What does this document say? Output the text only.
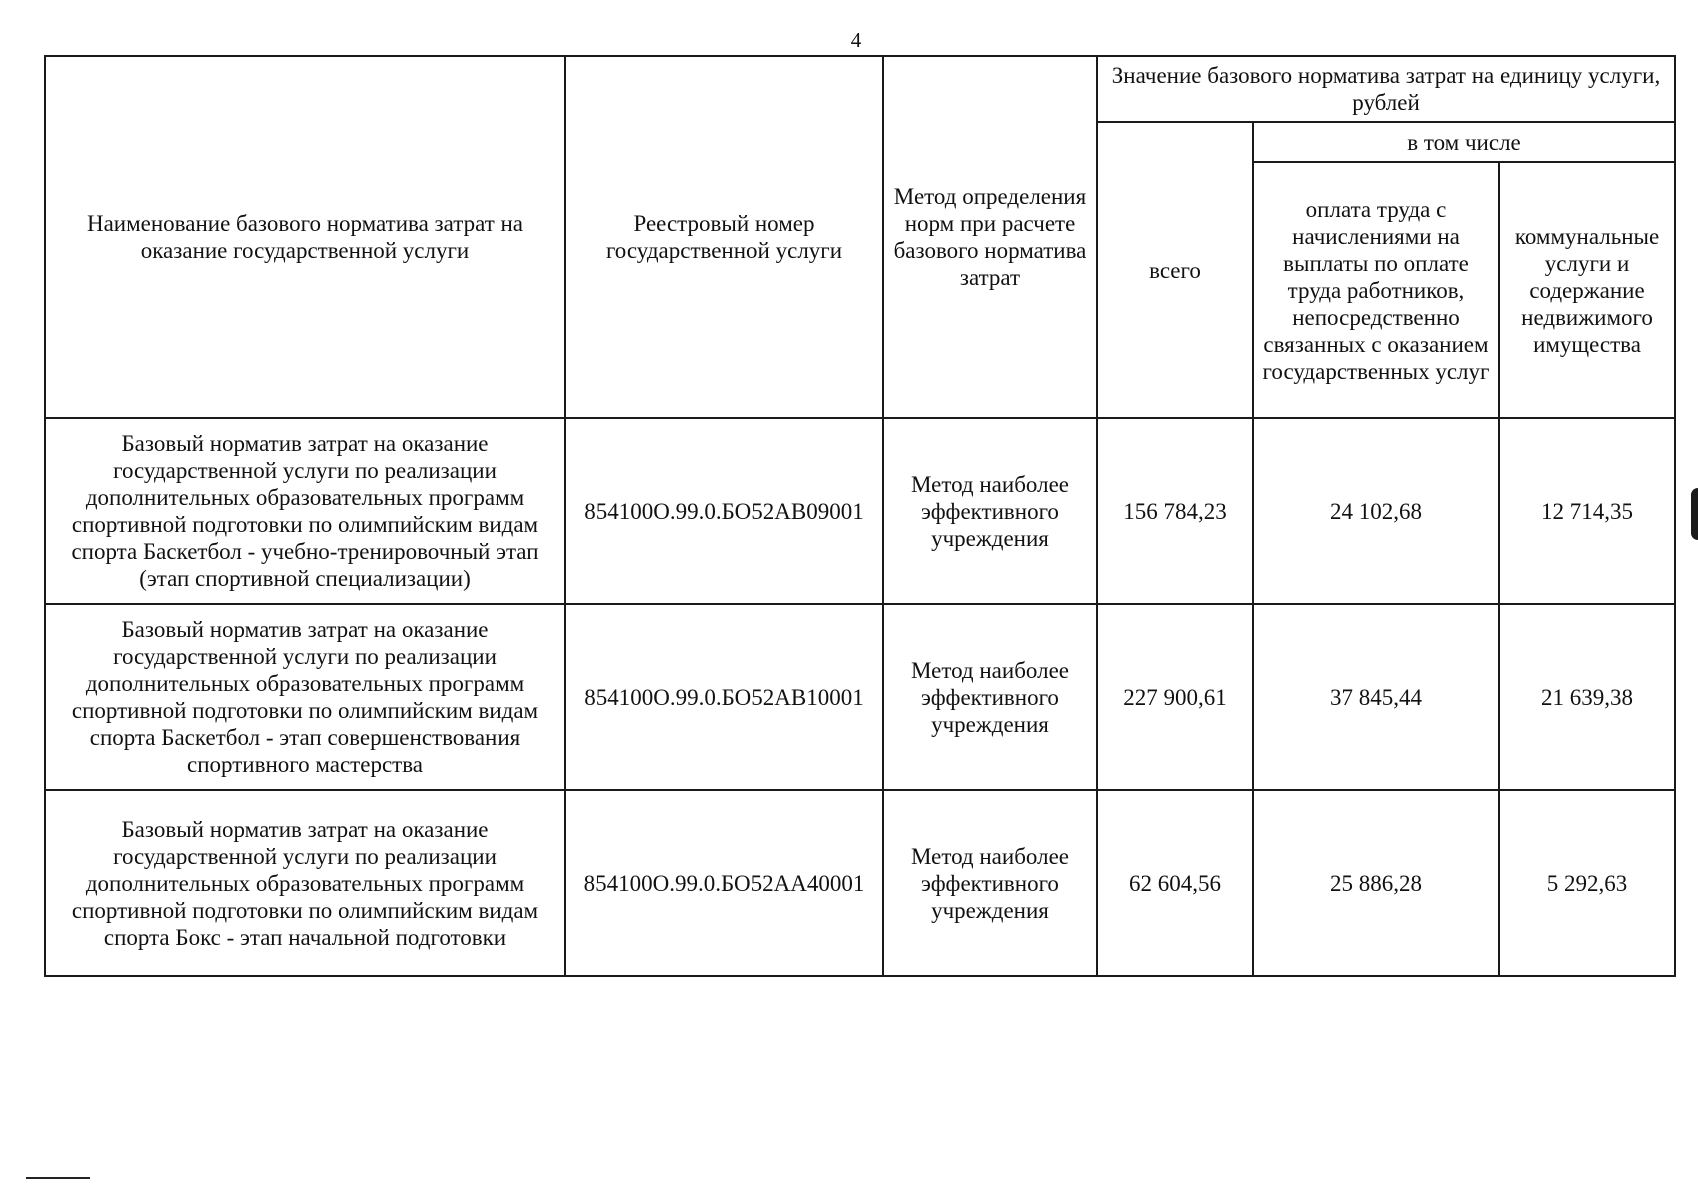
4
Наименование базового норматива затрат на оказание государственной услуги	Реестровый номер государственной услуги	Метод определения норм при расчете базового норматива затрат	Значение базового норматива затрат на единицу услуги, рублей		
			всего	в том числе	
				оплата труда с начислениями на выплаты по оплате труда работников, непосредственно связанных с оказанием государственных услуг	коммунальные услуги и содержание недвижимого имущества
Базовый норматив затрат на оказание государственной услуги по реализации дополнительных образовательных программ спортивной подготовки по олимпийским видам спорта Баскетбол - учебно-тренировочный этап (этап спортивной специализации)	854100О.99.0.БО52АВ09001	Метод наиболее эффективного учреждения	156 784,23	24 102,68	12 714,35
Базовый норматив затрат на оказание государственной услуги по реализации дополнительных образовательных программ спортивной подготовки по олимпийским видам спорта Баскетбол - этап совершенствования спортивного мастерства	854100О.99.0.БО52АВ10001	Метод наиболее эффективного учреждения	227 900,61	37 845,44	21 639,38
Базовый норматив затрат на оказание государственной услуги по реализации дополнительных образовательных программ спортивной подготовки по олимпийским видам спорта Бокс - этап начальной подготовки	854100О.99.0.БО52АА40001	Метод наиболее эффективного учреждения	62 604,56	25 886,28	5 292,63
